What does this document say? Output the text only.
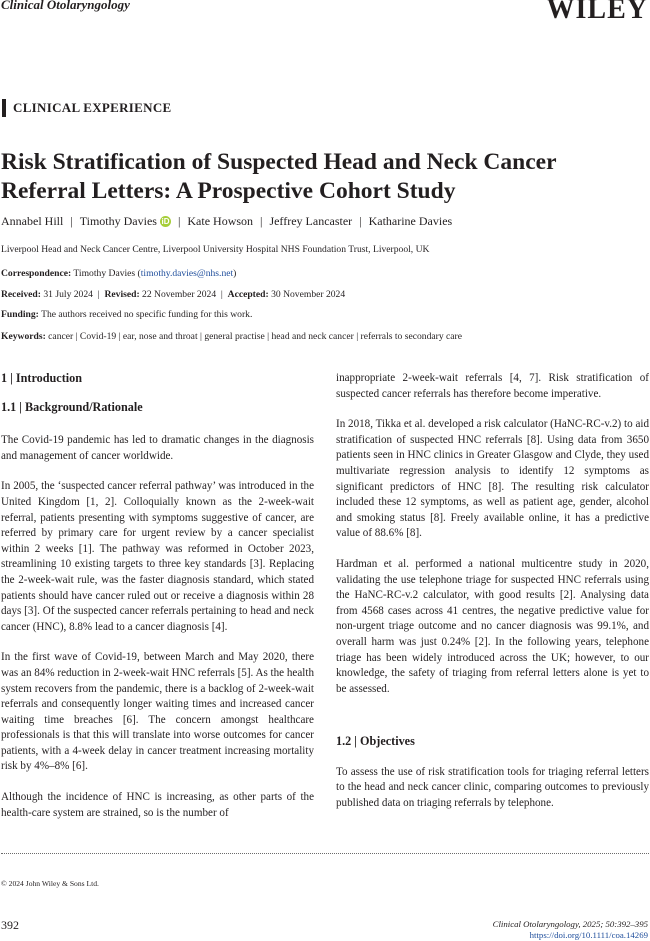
Clinical Otolaryngology	WILEY
CLINICAL EXPERIENCE
Risk Stratification of Suspected Head and Neck Cancer
Referral Letters: A Prospective Cohort Study
Annabel Hill | Timothy Davies iD | Kate Howson | Jeffrey Lancaster | Katharine Davies
Liverpool Head and Neck Cancer Centre, Liverpool University Hospital NHS Foundation Trust, Liverpool, UK
Correspondence: Timothy Davies (timothy.davies@nhs.net)
Received: 31 July 2024  |  Revised: 22 November 2024  |  Accepted: 30 November 2024
Funding: The authors received no specific funding for this work.
Keywords: cancer | Covid-19 | ear, nose and throat | general practise | head and neck cancer | referrals to secondary care
1 | Introduction
1.1 | Background/Rationale

The Covid-19 pandemic has led to dramatic changes in the diagnosis and management of cancer worldwide.

In 2005, the ‘suspected cancer referral pathway’ was introduced in the United Kingdom [1, 2]. Colloquially known as the 2-week-wait referral, patients presenting with symptoms suggestive of cancer, are referred by primary care for urgent review by a cancer specialist within 2 weeks [1]. The pathway was reformed in October 2023, streamlining 10 existing targets to three key standards [3]. Replacing the 2-week-wait rule, was the faster diagnosis standard, which stated patients should have cancer ruled out or receive a diagnosis within 28 days [3]. Of the suspected cancer referrals pertaining to head and neck cancer (HNC), 8.8% lead to a cancer diagnosis [4].

In the first wave of Covid-19, between March and May 2020, there was an 84% reduction in 2-week-wait HNC referrals [5]. As the health system recovers from the pandemic, there is a backlog of 2-week-wait referrals and consequently longer waiting times and increased cancer waiting time breaches [6]. The concern amongst healthcare professionals is that this will translate into worse outcomes for cancer patients, with a 4-week delay in cancer treatment increasing mortality risk by 4%–8% [6].

Although the incidence of HNC is increasing, as other parts of the health-care system are strained, so is the number of

inappropriate 2-week-wait referrals [4, 7]. Risk stratification of suspected cancer referrals has therefore become imperative.

In 2018, Tikka et al. developed a risk calculator (HaNC-RC-v.2) to aid stratification of suspected HNC referrals [8]. Using data from 3650 patients seen in HNC clinics in Greater Glasgow and Clyde, they used multivariate regression analysis to identify 12 symptoms as significant predictors of HNC [8]. The resulting risk calculator included these 12 symptoms, as well as patient age, gender, alcohol and smoking status [8]. Freely available online, it has a predictive value of 88.6% [8].

Hardman et al. performed a national multicentre study in 2020, validating the use telephone triage for suspected HNC referrals using the HaNC-RC-v.2 calculator, with good results [2]. Analysing data from 4568 cases across 41 centres, the negative predictive value for non-urgent triage outcome and no cancer diagnosis was 99.1%, and overall harm was just 0.24% [2]. In the following years, telephone triage has been widely introduced across the UK; however, to our knowledge, the safety of triaging from referral letters alone is yet to be assessed.

1.2 | Objectives

To assess the use of risk stratification tools for triaging referral letters to the head and neck cancer clinic, comparing outcomes to previously published data on triaging referrals by telephone.

© 2024 John Wiley & Sons Ltd.
392	Clinical Otolaryngology, 2025; 50:392–395
https://doi.org/10.1111/coa.14269
